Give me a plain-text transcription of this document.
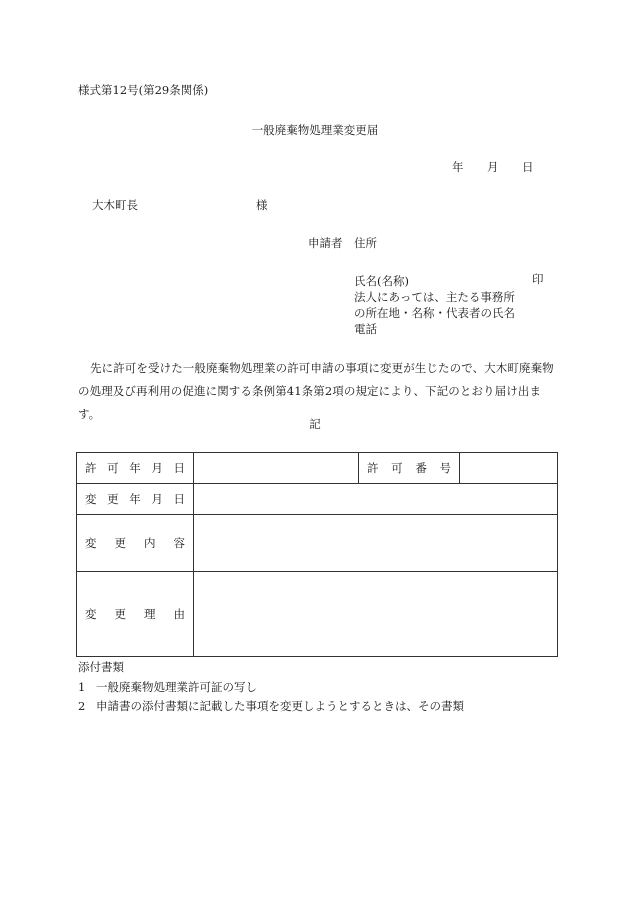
様式第12号(第29条関係)
一般廃棄物処理業変更届
年 月 日
大木町長	様
申請者 住所
氏名(名称)
法人にあっては、主たる事務所
の所在地・名称・代表者の氏名
電話
印
先に許可を受けた一般廃棄物処理業の許可申請の事項に変更が生じたので、大木町廃棄物の処理及び再利用の促進に関する条例第41条第2項の規定により、下記のとおり届け出ます。
記
許可年月日		許可番号	
変更年月日			
変更内容			
変更理由			
添付書類
1 一般廃棄物処理業許可証の写し
2 申請書の添付書類に記載した事項を変更しようとするときは、その書類
